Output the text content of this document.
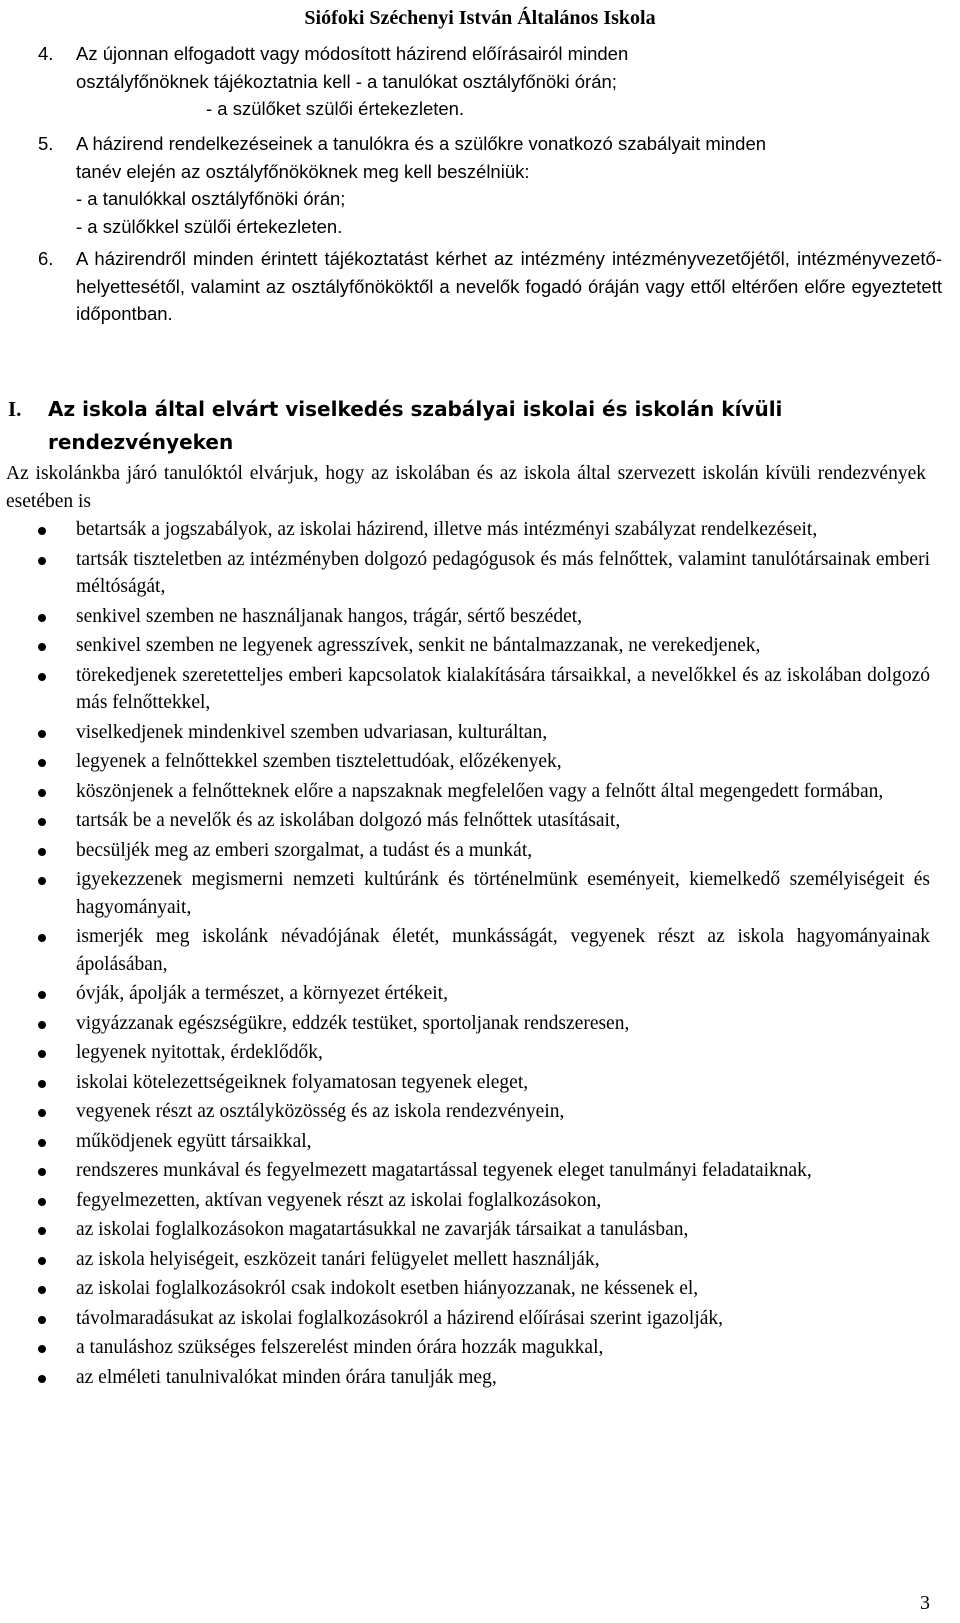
Siófoki Széchenyi István Általános Iskola
4. Az újonnan elfogadott vagy módosított házirend előírásairól minden
osztályfőnöknek tájékoztatnia kell - a tanulókat osztályfőnöki órán;
- a szülőket szülői értekezleten.
5. A házirend rendelkezéseinek a tanulókra és a szülőkre vonatkozó szabályait minden
tanév elején az osztályfőnököknek meg kell beszélniük:
- a tanulókkal osztályfőnöki órán;
- a szülőkkel szülői értekezleten.
6. A házirendről minden érintett tájékoztatást kérhet az intézmény intézményvezetőjétől, intézményvezető-helyettesétől, valamint az osztályfőnököktől a nevelők fogadó óráján vagy ettől eltérően előre egyeztetett időpontban.
I. Az iskola által elvárt viselkedés szabályai iskolai és iskolán kívüli
rendezvényeken
Az iskolánkba járó tanulóktól elvárjuk, hogy az iskolában és az iskola által szervezett iskolán kívüli rendezvények esetében is
betartsák a jogszabályok, az iskolai házirend, illetve más intézményi szabályzat rendelkezéseit,
tartsák tiszteletben az intézményben dolgozó pedagógusok és más felnőttek, valamint tanulótársainak emberi méltóságát,
senkivel szemben ne használjanak hangos, trágár, sértő beszédet,
senkivel szemben ne legyenek agresszívek, senkit ne bántalmazzanak, ne verekedjenek,
törekedjenek szeretetteljes emberi kapcsolatok kialakítására társaikkal, a nevelőkkel és az iskolában dolgozó más felnőttekkel,
viselkedjenek mindenkivel szemben udvariasan, kulturáltan,
legyenek a felnőttekkel szemben tisztelettudóak, előzékenyek,
köszönjenek a felnőtteknek előre a napszaknak megfelelően vagy a felnőtt által megengedett formában,
tartsák be a nevelők és az iskolában dolgozó más felnőttek utasításait,
becsüljék meg az emberi szorgalmat, a tudást és a munkát,
igyekezzenek megismerni nemzeti kultúránk és történelmünk eseményeit, kiemelkedő személyiségeit és hagyományait,
ismerjék meg iskolánk névadójának életét, munkásságát, vegyenek részt az iskola hagyományainak ápolásában,
óvják, ápolják a természet, a környezet értékeit,
vigyázzanak egészségükre, eddzék testüket, sportoljanak rendszeresen,
legyenek nyitottak, érdeklődők,
iskolai kötelezettségeiknek folyamatosan tegyenek eleget,
vegyenek részt az osztályközösség és az iskola rendezvényein,
működjenek együtt társaikkal,
rendszeres munkával és fegyelmezett magatartással tegyenek eleget tanulmányi feladataiknak,
fegyelmezetten, aktívan vegyenek részt az iskolai foglalkozásokon,
az iskolai foglalkozásokon magatartásukkal ne zavarják társaikat a tanulásban,
az iskola helyiségeit, eszközeit tanári felügyelet mellett használják,
az iskolai foglalkozásokról csak indokolt esetben hiányozzanak, ne késsenek el,
távolmaradásukat az iskolai foglalkozásokról a házirend előírásai szerint igazolják,
a tanuláshoz szükséges felszerelést minden órára hozzák magukkal,
az elméleti tanulnivalókat minden órára tanulják meg,
3
